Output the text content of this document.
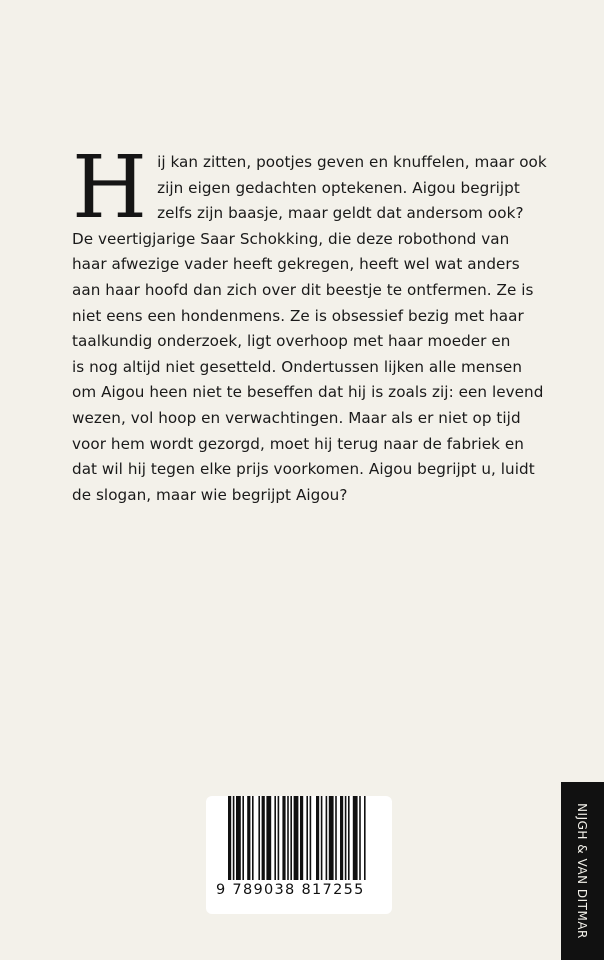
H ij kan zitten, pootjes geven en knuffelen, maar ook
zijn eigen gedachten optekenen. Aigou begrijpt
zelfs zijn baasje, maar geldt dat andersom ook?
De veertigjarige Saar Schokking, die deze robothond van
haar afwezige vader heeft gekregen, heeft wel wat anders
aan haar hoofd dan zich over dit beestje te ontfermen. Ze is
niet eens een hondenmens. Ze is obsessief bezig met haar
taalkundig onderzoek, ligt overhoop met haar moeder en
is nog altijd niet gesetteld. Ondertussen lijken alle mensen
om Aigou heen niet te beseffen dat hij is zoals zij: een levend
wezen, vol hoop en verwachtingen. Maar als er niet op tijd
voor hem wordt gezorgd, moet hij terug naar de fabriek en
dat wil hij tegen elke prijs voorkomen. Aigou begrijpt u, luidt
de slogan, maar wie begrijpt Aigou?

9 789038 817255	NIJGH & VAN DITMAR
